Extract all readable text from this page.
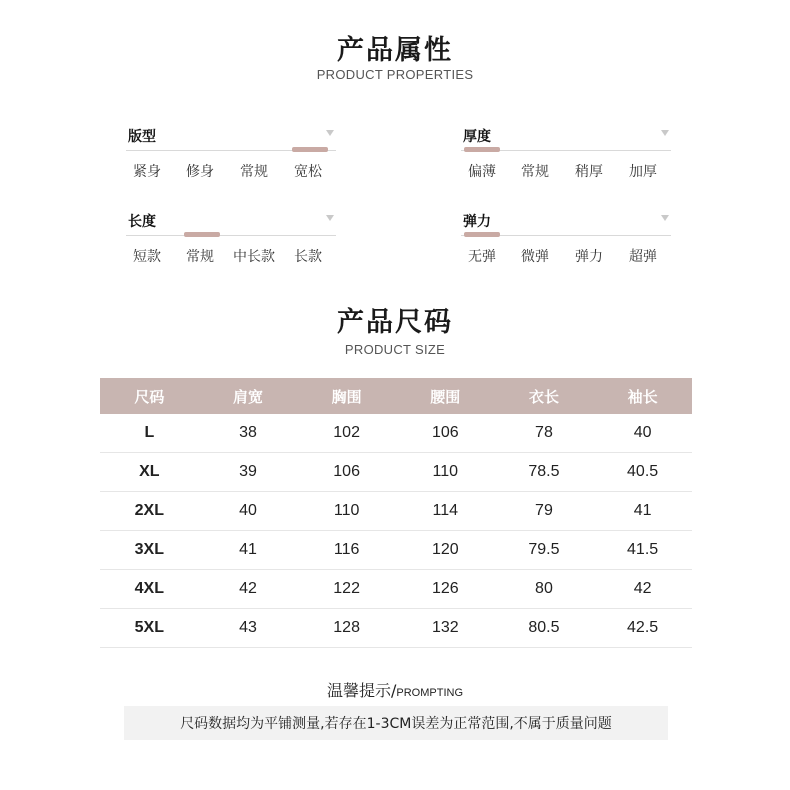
产品属性
PRODUCT PROPERTIES
版型
紧身 修身 常规 宽松
厚度
偏薄 常规 稍厚 加厚
长度
短款 常规 中长款 长款
弹力
无弹 微弹 弹力 超弹
产品尺码
PRODUCT SIZE
尺码	肩宽	胸围	腰围	衣长	袖长
L	38	102	106	78	40
XL	39	106	110	78.5	40.5
2XL	40	110	114	79	41
3XL	41	116	120	79.5	41.5
4XL	42	122	126	80	42
5XL	43	128	132	80.5	42.5
温馨提示/PROMPTING
尺码数据均为平铺测量,若存在1-3CM误差为正常范围,不属于质量问题
